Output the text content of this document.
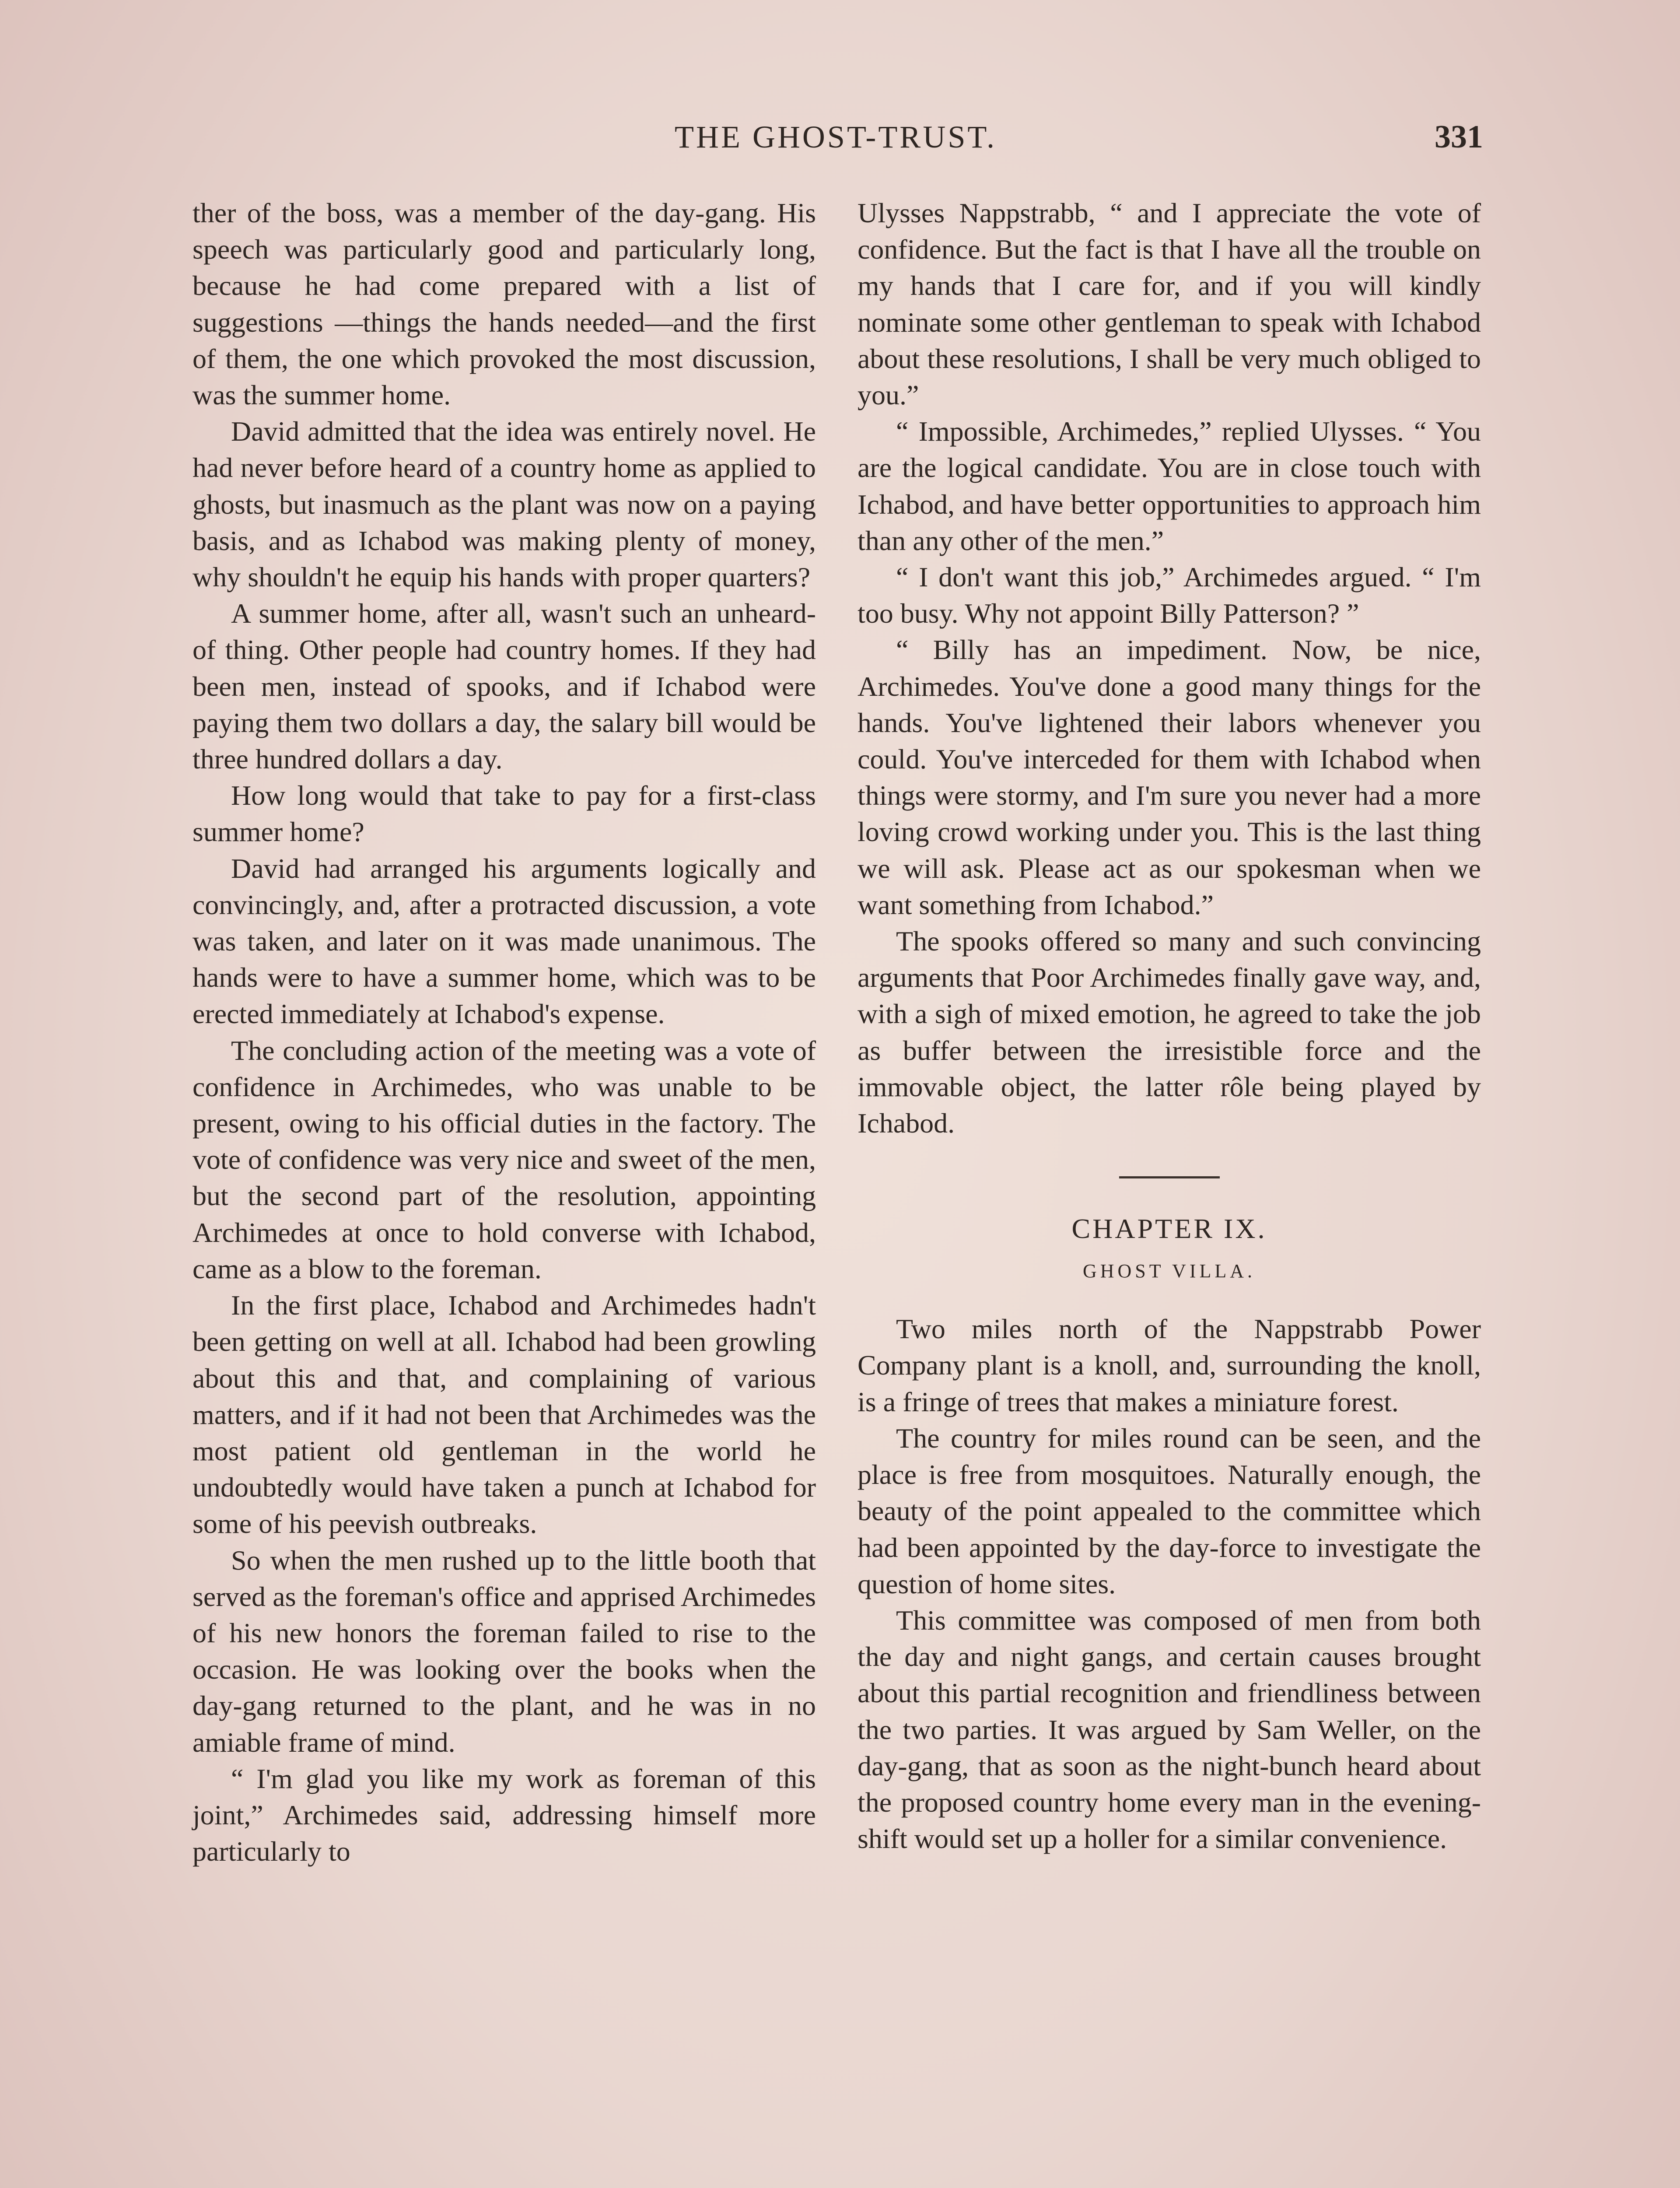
THE GHOST-TRUST.	331

ther of the boss, was a member of the day-gang. His speech was particularly good and particularly long, because he had come prepared with a list of suggestions —things the hands needed—and the first of them, the one which provoked the most discussion, was the summer home.

David admitted that the idea was entirely novel. He had never before heard of a country home as applied to ghosts, but inasmuch as the plant was now on a paying basis, and as Ichabod was making plenty of money, why shouldn't he equip his hands with proper quarters?

A summer home, after all, wasn't such an unheard-of thing. Other people had country homes. If they had been men, instead of spooks, and if Ichabod were paying them two dollars a day, the salary bill would be three hundred dollars a day.

How long would that take to pay for a first-class summer home?

David had arranged his arguments logically and convincingly, and, after a protracted discussion, a vote was taken, and later on it was made unanimous. The hands were to have a summer home, which was to be erected immediately at Ichabod's expense.

The concluding action of the meeting was a vote of confidence in Archimedes, who was unable to be present, owing to his official duties in the factory. The vote of confidence was very nice and sweet of the men, but the second part of the resolution, appointing Archimedes at once to hold converse with Ichabod, came as a blow to the foreman.

In the first place, Ichabod and Archimedes hadn't been getting on well at all. Ichabod had been growling about this and that, and complaining of various matters, and if it had not been that Archimedes was the most patient old gentleman in the world he undoubtedly would have taken a punch at Ichabod for some of his peevish outbreaks.

So when the men rushed up to the little booth that served as the foreman's office and apprised Archimedes of his new honors the foreman failed to rise to the occasion. He was looking over the books when the day-gang returned to the plant, and he was in no amiable frame of mind.

“ I'm glad you like my work as foreman of this joint,” Archimedes said, addressing himself more particularly to

Ulysses Nappstrabb, “ and I appreciate the vote of confidence. But the fact is that I have all the trouble on my hands that I care for, and if you will kindly nominate some other gentleman to speak with Ichabod about these resolutions, I shall be very much obliged to you.”

“ Impossible, Archimedes,” replied Ulysses. “ You are the logical candidate. You are in close touch with Ichabod, and have better opportunities to approach him than any other of the men.”

“ I don't want this job,” Archimedes argued. “ I'm too busy. Why not appoint Billy Patterson? ”

“ Billy has an impediment. Now, be nice, Archimedes. You've done a good many things for the hands. You've lightened their labors whenever you could. You've interceded for them with Ichabod when things were stormy, and I'm sure you never had a more loving crowd working under you. This is the last thing we will ask. Please act as our spokesman when we want something from Ichabod.”

The spooks offered so many and such convincing arguments that Poor Archimedes finally gave way, and, with a sigh of mixed emotion, he agreed to take the job as buffer between the irresistible force and the immovable object, the latter rôle being played by Ichabod.

CHAPTER IX.
GHOST VILLA.

Two miles north of the Nappstrabb Power Company plant is a knoll, and, surrounding the knoll, is a fringe of trees that makes a miniature forest.

The country for miles round can be seen, and the place is free from mosquitoes. Naturally enough, the beauty of the point appealed to the committee which had been appointed by the day-force to investigate the question of home sites.

This committee was composed of men from both the day and night gangs, and certain causes brought about this partial recognition and friendliness between the two parties. It was argued by Sam Weller, on the day-gang, that as soon as the night-bunch heard about the proposed country home every man in the evening-shift would set up a holler for a similar convenience.
